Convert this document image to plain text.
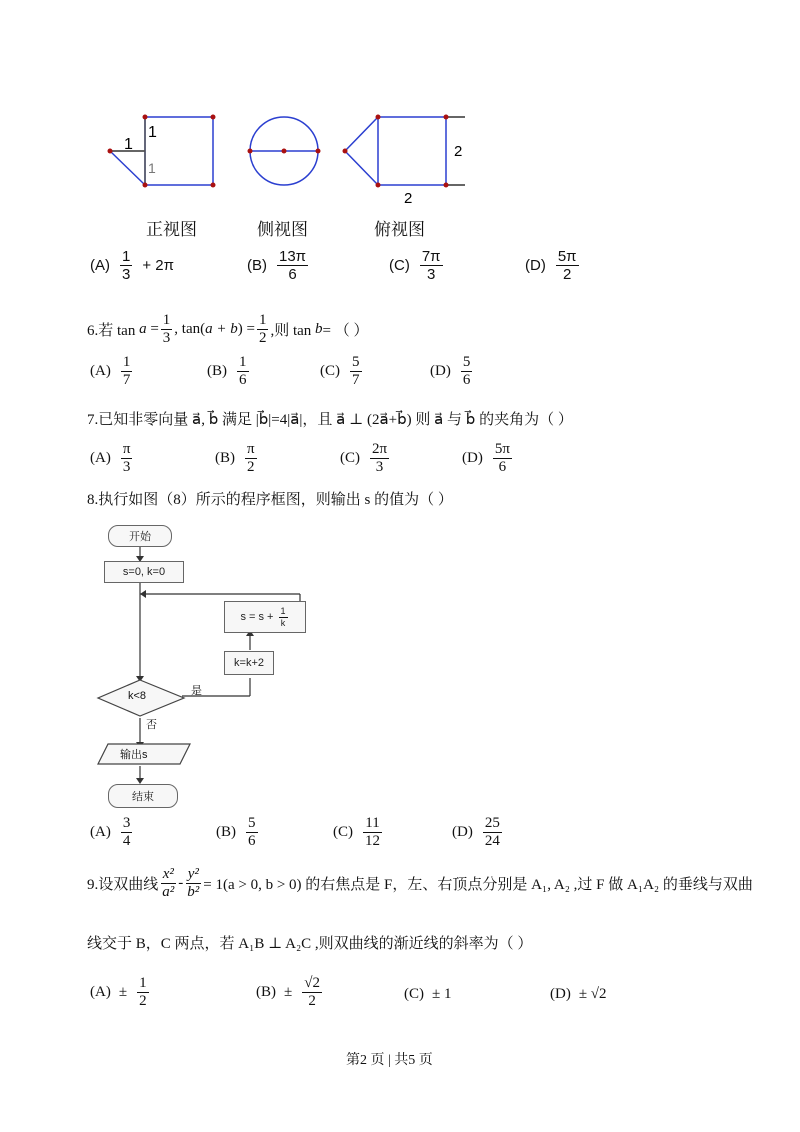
1
1
1
2
2
正视图	侧视图	俯视图
$(A) \frac{1}{3} + 2\pi$	$(B) \frac{13\pi}{6}$	$(C) \frac{7\pi}{3}$	$(D) \frac{5\pi}{2}$
6.若 tan
$a = \frac{1}{3}$ , tan( a + b ) = $\frac{1}{2}$ ,则 tan
b = （ ）
$(A) \frac{1}{7}$	$(B) \frac{1}{6}$	$(C) \frac{5}{7}$	$(D) \frac{5}{6}$
7.已知非零向量 a⃗, b⃗ 满足 |b⃗|=4|a⃗|，且 a⃗ ⊥ (2a⃗+b⃗) 则 a⃗ 与 b⃗ 的夹角为（ ）
$(A) \frac{\pi}{3}$	$(B) \frac{\pi}{2}$	$(C) \frac{2\pi}{3}$	$(D) \frac{5\pi}{6}$
8.执行如图（8）所示的程序框图，则输出 s 的值为（ ）
开始
s=0, k=0
$s = s + \frac{1}{k}$
k=k+2
k<8	是
否
输出s
结束
$(A) \frac{3}{4}$	$(B) \frac{5}{6}$	$(C) \frac{11}{12}$	$(D) \frac{25}{24}$
9.设双曲线 $\frac{\text{x²}}{\text{a²}} - \frac{\text{y²}}{\text{b²}} = 1(a > 0$, b > 0) 的右焦点是 F，左、右顶点分别是 A₁, A₂ ,过 F 做 A₁A₂ 的垂线与双曲
线交于 B，C 两点，若 A₁B ⊥ A₂C ,则双曲线的渐近线的斜率为（ ）
$(A) \pm \frac{1}{2}$	$(B) \pm \frac{√2}{2}$	(C) ± 1	(D) ± √2
第2 页 | 共5 页
